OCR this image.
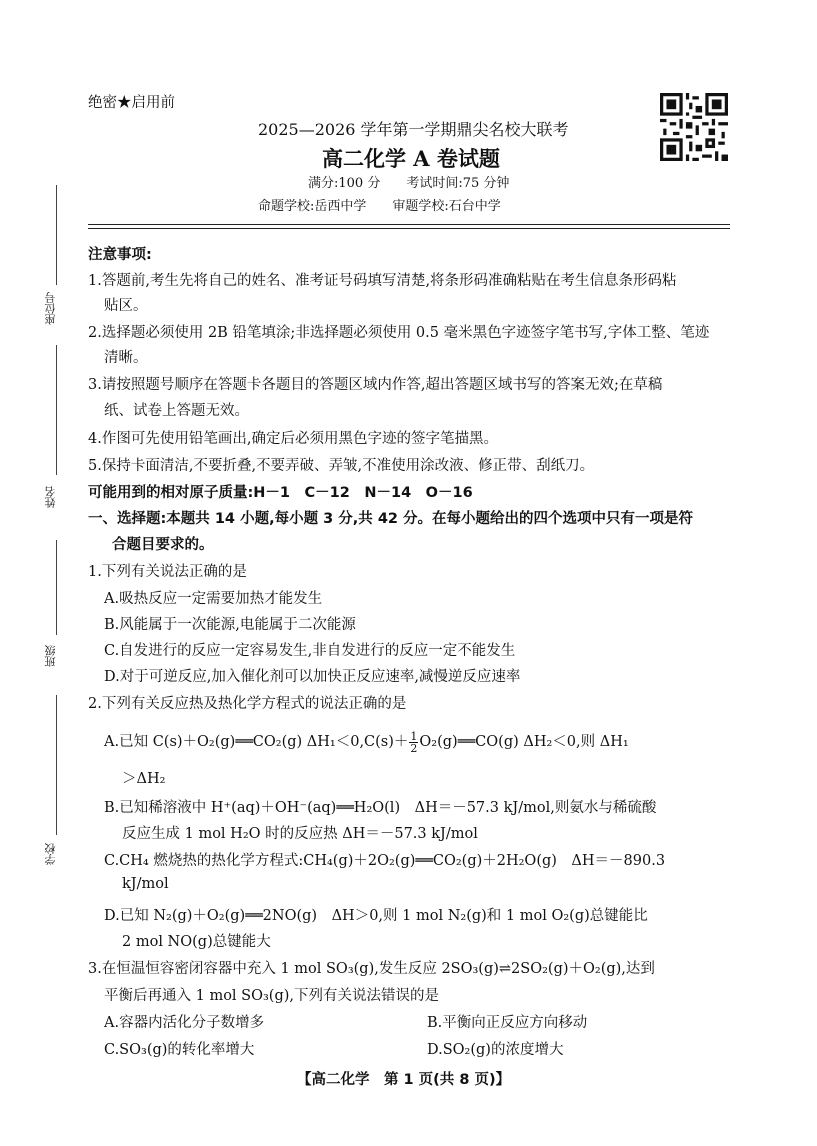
绝密★启用前
2025—2026 学年第一学期鼎尖名校大联考
高二化学 A 卷试题
满分:100 分　　考试时间:75 分钟
命题学校:岳西中学　　审题学校:石台中学
座位号
姓名
班级
学校
注意事项:
1.答题前,考生先将自己的姓名、准考证号码填写清楚,将条形码准确粘贴在考生信息条形码粘
贴区。
2.选择题必须使用 2B 铅笔填涂;非选择题必须使用 0.5 毫米黑色字迹签字笔书写,字体工整、笔迹
清晰。
3.请按照题号顺序在答题卡各题目的答题区域内作答,超出答题区域书写的答案无效;在草稿
纸、试卷上答题无效。
4.作图可先使用铅笔画出,确定后必须用黑色字迹的签字笔描黑。
5.保持卡面清洁,不要折叠,不要弄破、弄皱,不准使用涂改液、修正带、刮纸刀。
可能用到的相对原子质量:H－1　C－12　N－14　O－16
一、选择题:本题共 14 小题,每小题 3 分,共 42 分。在每小题给出的四个选项中只有一项是符
合题目要求的。
1.下列有关说法正确的是
A.吸热反应一定需要加热才能发生
B.风能属于一次能源,电能属于二次能源
C.自发进行的反应一定容易发生,非自发进行的反应一定不能发生
D.对于可逆反应,加入催化剂可以加快正反应速率,减慢逆反应速率
2.下列有关反应热及热化学方程式的说法正确的是
A.已知 C(s)＋O₂(g)══CO₂(g) $\Delta H_1<0,C(s)+ \frac{1}{2}$ O₂(g)══CO(g) ΔH₂＜0,则 ΔH₁
＞ΔH₂
B.已知稀溶液中 H⁺(aq)＋OH⁻(aq)══H₂O(l)　ΔH＝－57.3 kJ/mol,则氨水与稀硫酸
反应生成 1 mol H₂O 时的反应热 ΔH＝－57.3 kJ/mol
C.CH₄ 燃烧热的热化学方程式:CH₄(g)＋2O₂(g)══CO₂(g)＋2H₂O(g)　ΔH＝－890.3
kJ/mol
D.已知 N₂(g)＋O₂(g)══2NO(g)　ΔH＞0,则 1 mol N₂(g)和 1 mol O₂(g)总键能比
2 mol NO(g)总键能大
3.在恒温恒容密闭容器中充入 1 mol SO₃(g),发生反应 2SO₃(g)⇌2SO₂(g)＋O₂(g),达到
平衡后再通入 1 mol SO₃(g),下列有关说法错误的是
A.容器内活化分子数增多	B.平衡向正反应方向移动
C.SO₃(g)的转化率增大	D.SO₂(g)的浓度增大
【高二化学　第 1 页(共 8 页)】
